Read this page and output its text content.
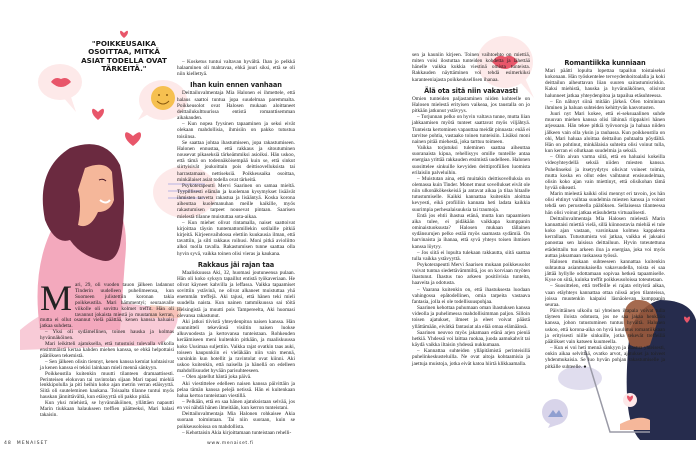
"POIKKEUSAIKA OSOITTAA, MITKÄ ASIAT TODELLA OVAT TÄRKEITÄ."

Mari, 29, oli vuoden tauon jälkeen ladannut Tinderin uudelleen puhelimeensa, kun Suomeen julistettiin koronan takia poikkeustila. Mari hämmentyi; seuraavalle viikolle oli sovittu kolmet treffit. Hän oli tavannut jokaista miestä jo muutaman kerran, mutta ei ollut osannut vielä päättää, kenen kanssa haluaisi jatkaa suhdetta.

– Yksi oli sydämellinen, toinen hauska ja kolmas hyvännäköinen.

Mari leikitteli ajatuksella, että tutustuisi tulevalla viikolla ensimmäistä kertaa kahden miehen kanssa, se ehkä helpottaisi päätöksen tekemistä.

– Sen jälkeen olisin tiennyt, kenen kanssa kemiat kohtaisivat ja kenen kanssa ei tekisi lainkaan mieli mennä sänkyyn.

Poikkeustila kuitenkin muutti tilanteen dramaattisesti. Perinteisen elokuvan tai ravintolan sijaan Mari tapasi miehiä lenkkipolulla ja piti heihin koko ajan metrin verran etäisyyttä. Siitä oli suuteleminen kaukana. Toisaalta tilanne tuntui myös hauskan jännittävältä, kun etäisyyttä oli pakko pitää.

Kun yksi miehistä, se hyvännäköinen, yllättäen napautti Marin tiukkaan halaukseen treffien päätteeksi, Mari halasi takaisin.

– Kosketus tuntui valtavan hyvältä. Ihan jo pelkkä halaaminen oli mahtavaa, ehkä juuri siksi, että se oli niin kiellettyä.

Ihan kuin ennen vanhaan

Deittailuvalmentaja Mia Halonen ei ihmettele, että halaus saattoi tuntua jopa suudelmaa paremmalta. Poikkeusolot ovat Halosen mukaan aloittaneet deittailukulttuurissa entistä romanttisemman aikakauden.

– Kun nopea fyysinen tapaaminen ja seksi eivät olekaan mahdollisia, ihmisiin on pakko tutustua toisiinsa.

Se saattaa johtaa ihastumiseen, jopa rakastumiseen. Halonen ennustaa, että rakkaus ja sitoutuminen nousevat pikaseksiä tärkeämmiksi asioiksi. Hän uskoo, että tämä on todennäköisempää kuin se, että sinkut siirtyisivät joukoittain pois deittisovelluksista tai harrastamaan nettiseksiä. Poikkeusaika osoittaa, minkälaiset asiat todella ovat tärkeitä.

Psykoterapeutti Mervi Saarinen on samaa mieltä. Tyypillisesti elämän ja kuoleman kysymykset lisäävät ihmisten tarvetta rakastua ja lisääntyä. Koska korona aiheuttaa kuolemanuhan meille kaikille, myös rakastumisen tarpeet nousevat pintaan. Saarisen mielestä tilanne muistuttaa sota-aikaa.

– Kun miehet olivat rintamalla, naiset saattoivat kirjoittaa täysin tuntemattomillekin sotilaille pitkiä kirjeitä. Kirjeenvaihdossa elettiin kuukausia ilman, että tavattiin, ja silti rakkaus roihusi. Moni pitkä avioliitto alkoi tuolla tavalla. Rakastumisen tunne saattaa olla hyvin syvä, vaikka toinen olisi vieras ja kaukana.

Rakkaus jäi rajan taa

Maaliskuussa Aki, 32, huomasi joutuneensa pulaan. Hän oli koko syksyn tapaillut entistä työkaveriaan. He olivat käyneet kahvilla ja leffassa. Vaikka tapaamiset sovittiin ystävinä, ne olivat alkaneet muistuttaa yhä enemmän treffejä. Aki tajusi, että hänen teki mieli suudella naista. Kun nainen tammikuussa sai töitä Helsingistä ja muutti pois Tampereelta, Aki huomasi olevansa rakastunut.

Aki jatkoi tiivistä yhteydenpitoa naisen kanssa. Hän suunnitteli tekevänsä visiitin naisen luokse alkuvuodesta ja kertovansa tunteistaan. Rohkeuden keräämiseen meni kuitenkin pitkään, ja maaliskuussa koko Uusimaa suljettiin. Vaikka rajat ovatkin taas auki, toiseen kaupunkiin ei vieläkään niin vain mennä, varsinkin kun hotellit ja ravintolat ovat kiinni. Aki uskoo kuitenkin, että naisella ja hänellä on edelleen mahdollisuudet hyvään parisuhteeseen.

– Olen ajatellut häntä joka päivä.

Aki viestittelee edelleen naisen kanssa päivittäin ja pelaa tämän kanssa pelejä netissä. Hän ei kuitenkaan halua kertoa tunteistaan viestillä.

– Pelkään, että en saa hänen ajatuksistaan selvää, jos en voi nähdä hänen ilmeitään, kun kerron tunteistani.

Deittailuvalmentaja Mia Halonen rohkaisee Akia suoraan toimintaan. Tai niin suoraan, kuin se poikkeusoloissa on mahdollista.

– Kehottaisin Akia kirjoittamaan tunteistaan rehelli-

sen ja kauniin kirjeen. Toinen vaihtoehto on miettiä, miten voisi ilostuttaa tunteiden kohdetta ja lähettää hänelle vaikka kukkia viestinä omista tunteista. Rakkauden näyttäminen voi tehdä esimerkiksi karanteeniajasta poikkeuksellisen ihanaa.

Älä ota sitä niin vakavasti

Omien tunteiden paljastaminen niiden kohteelle on Halosen mielestä erityisen vaikeaa, jos taustalla on jo pitkään jatkunut ystävyys.

– Torjunnan pelko on hyvin valtava tunne, mutta liian jahkaamisen myötä tunteet saattavat myös viljähtyä. Tunteista kertominen vapauttaa meidät pinnasta: enää ei tarvitse pohtia, vastaako toinen tunteisiin. Lisäksi moni nainen pitää miehestä, joka tarttuu toimeen.

Vaikka torjutuksi tuleminen saattaa aiheuttaa suoranaista kipua, rehellisyys omille tunteille antaa energiaa yrittää rakkauden etsimistä uudelleen. Halonen suosittelee sinkuille kevyiden deittiprofiilien luomista erilaisiin palveluihin.

– Muistutan aina, että muitakin deittisovelluksia on olemassa kuin Tinder. Monet muut sovellukset eivät ole niin ulkonäkökeskeisiä ja antavat aikaa ja tilaa hitaalle tutustumiselle. Kaikki kannattaa kuitenkin aloittaa kevyesti, eikä profiiliin kannata heti ladata kaikkia suurimpia perhesalaisuuksia tai traumoja.

Entä jos ehtii ihastua etänä, mutta kun tapaamisen aika tulee, ei pidäkään vaikkapa kumppanin ominaistuoksusta? Halosen mukaan tällainen sydänsurujen pelko estää myös saamasta sydämiä. On harvinaista ja ihanaa, että syvä yhteys toisen ihmisen kanssa löytyy.

– Jos siitä ei lopulta tulekaan rakkautta, siitä saattaa tulla vaikka ystävyyttä.

Psykoterapeutti Mervi Saarisen mukaan poikkeusolot voivat tuntua siedettävämmiltä, jos on korviaan myöten ihastunut. Ihastus tuo arkeen positiivisia tunteita, haaveita ja odotusta.

– Vaarana kuitenkin on, että ihastuksesta luodaan vahingossa epätodellinen, omia tarpeita vastaava fantasia, jolla ei ole todellisuuspohjaa.

Saarinen kehottaa puhumaan oman ihastuksen kanssa videolla ja puhelimessa mahdollisimman paljon. Silloin toisen ajatukset, ilmeet ja eleet voivat päästä yllättämään, eivätkä fantasiat ala elää omaa elämäänsä.

Saarinen neuvoo myös jakamaan etänä arjen pieniä hetkiä. Yhdessä voi laittaa ruokaa, juoda aamukahvit tai käydä vaikka iltaisin yhdessä nukkumaan.

– Kannattaa suhteiden ylläpitämistä perinteisillä puhelinkeskusteluilla. Ne ovat aitoja kohtaamisia ja jaettuja muistoja, jotka eivät katoa hiirtä klikkaamalla.

Romantiikka kunniaan

Mari päätti lopulta lopettaa tapailun toistaiseksi kokonaan. Hän työskentelee terveydenhoitoalalla ja koki deittailun aiheuttavan liian suuren sairastumisriskin. Kaksi miehistä, hauska ja hyvännäköinen, olisivat halunneet jatkaa yhteydenpitoa ja tapailua etäsuhteessa.

– En nähnyt siinä mitään järkeä. Olen toiminnan ihminen ja haluan suhteiden kehittyvän kasvotusten.

Juuri nyt Mari kokee, että ei-seksuaalinen suhde muuvan miehen kanssa olisi lähinnä riippakivi hänen arjessaan. Hän tekee pitkiä työvuoroja ja haluaa niiden jälkeen vain olla yksin ja rauhassa. Kun poikkeustila on ohi, Mari haluaa aloittaa deittailun puhtaalta pöydältä. Hän on pohtinut, minkälaisia suhteita olisi voinut tulla, kun kerran ei ollutkaan suudelmia ja seksiä.

– Olin aivan varma siitä, että en haluaisi kokeilla videoyhteydellä seksiä niiden miesten kanssa. Puhelinseksi ja itsetyydytys olisivat voineet toimia, mutta koska en ollut edes vaihtanut ensisuudelmaa, olisin koko ajan vain miettinyt, että olisikohan tämä hyvää oikeasti.

Marin mielestä kaikki olisi mennyt eri tavoin, jos hän olisi ehtinyt vaihtaa suudelmia miesten kanssa ja voinut tehdä sen perusteella päätöksen. Sellaisessa tilanteessa hän olisi voinut jatkaa etäsuhdetta virtuaalisesti.

Deittailuvalmentaja Mia Halosen mielestä Marin kannattaisi miettiä vielä, sillä kiinnostavia miehiä ei tule koko ajan vastaan, varsinkaan kolmea kappaletta kerrallaan. Tutustumista voi jatkaa, vaikka ei jaksaisi panostaa sen laisissa deittailuun. Hyvin toteutettuna etädeittailu tuo arkeen iloa ja energiaa, joka voi myös auttaa jaksamaan raskaassa työssä.

Halosen mukaan suhteeseen kannattaa kuitenkin suhtautua asianmukaisella vakavuudella, toista ei saa jättää hyllylle odottamaan sopivaa hetkeä tapaamiselle. Kyse on siitä, kuinka treffit poikkeusoloissa toteutetaan.

– Suosittelen, että treffeille ei rajata erityistä aikaa, vaan etäyhteys kannattaa ottaa niissä arjen tilanteissa, joissa muutenkin kaipaisi läsnäolevan kumppanin seuraa.

Päivittäinen ulkoilu tai yhteinen iltapala voivat tulla täyteen iloista odotusta, jos ne saa jakaa henkilön kanssa, johon tutustuminen tuntuu hyvältä. Halonen uskoo, että korona-aika on hyvä koulutus romantiikkaan ja erityisesti niille sinkuille, jotka tekevät treffeillä päätökset vain katseen kuumeella.

– Kun ei voi heti mennä sänkyyn ja ihastua yhteisesti, onkin aikaa selvittää, ovatko arvot, ajatukset ja toiveet yhdenmukaisia. Se luo hyvän pohjan rakastumiselle ja pitkälle suhteelle. ●

48 MENAISET	www.menaiset.fi
